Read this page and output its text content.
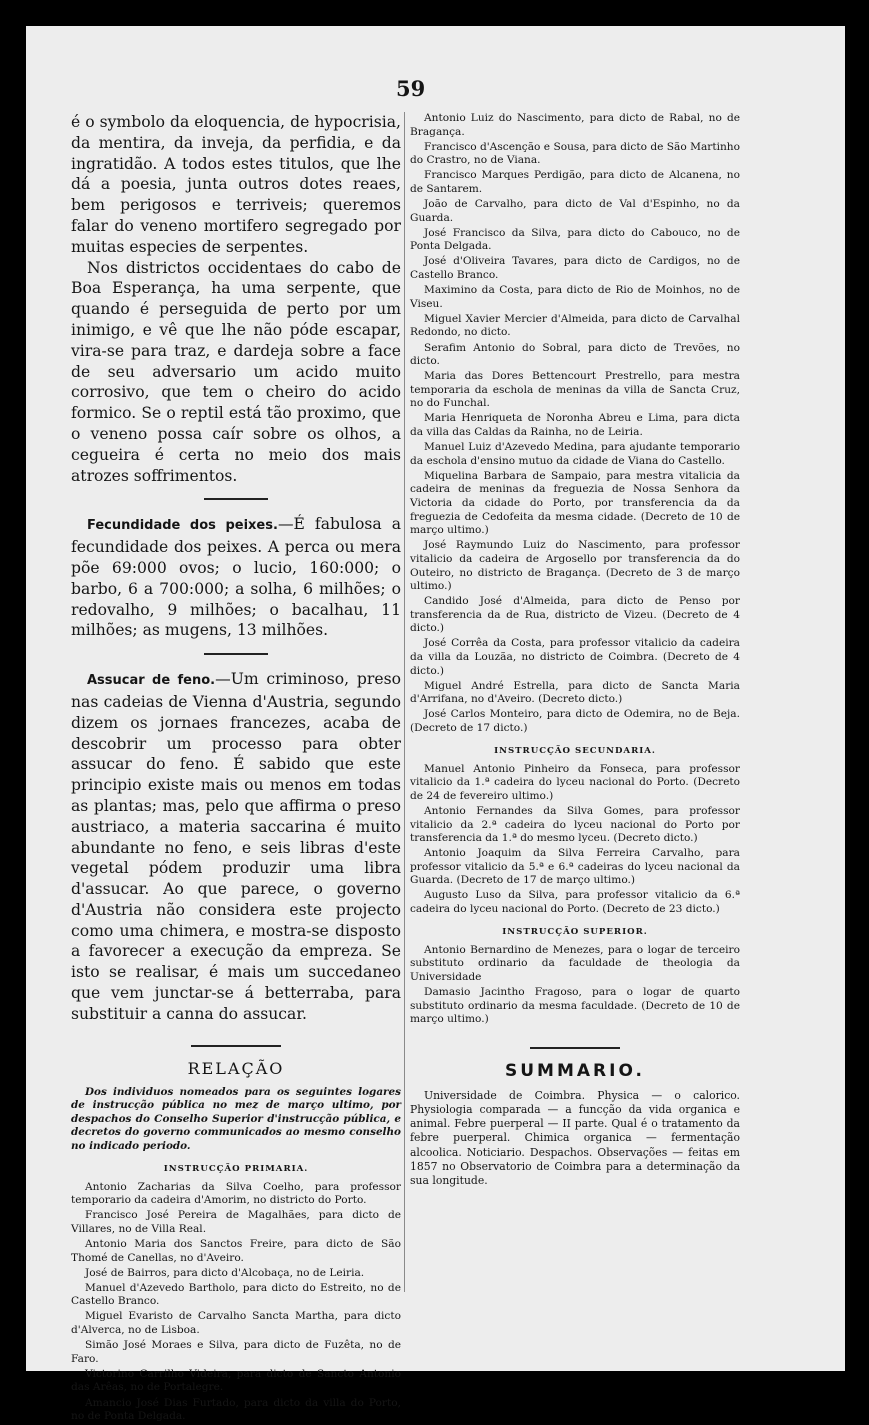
59

é o symbolo da eloquencia, de hypocrisia, da mentira, da inveja, da perfidia, e da ingratidão. A todos estes titulos, que lhe dá a poesia, junta outros dotes reaes, bem perigosos e terriveis; queremos falar do veneno mortifero segregado por muitas especies de serpentes.

Nos districtos occidentaes do cabo de Boa Esperança, ha uma serpente, que quando é perseguida de perto por um inimigo, e vê que lhe não póde escapar, vira-se para traz, e dardeja sobre a face de seu adversario um acido muito corrosivo, que tem o cheiro do acido formico. Se o reptil está tão proximo, que o veneno possa caír sobre os olhos, a cegueira é certa no meio dos mais atrozes soffrimentos.

Fecundidade dos peixes.—É fabulosa a fecundidade dos peixes. A perca ou mera põe 69:000 ovos; o lucio, 160:000; o barbo, 6 a 700:000; a solha, 6 milhões; o redovalho, 9 milhões; o bacalhau, 11 milhões; as mugens, 13 milhões.

Assucar de feno.—Um criminoso, preso nas cadeias de Vienna d'Austria, segundo dizem os jornaes francezes, acaba de descobrir um processo para obter assucar do feno. É sabido que este principio existe mais ou menos em todas as plantas; mas, pelo que affirma o preso austriaco, a materia saccarina é muito abundante no feno, e seis libras d'este vegetal pódem produzir uma libra d'assucar. Ao que parece, o governo d'Austria não considera este projecto como uma chimera, e mostra-se disposto a favorecer a execução da empreza. Se isto se realisar, é mais um succedaneo que vem junctar-se á betterraba, para substituir a canna do assucar.

RELAÇÃO

Dos individuos nomeados para os seguintes logares de instrucção pública no mez de março ultimo, por despachos do Conselho Superior d'instrucção pública, e decretos do governo communicados ao mesmo conselho no indicado periodo.

INSTRUCÇÃO PRIMARIA.

Antonio Zacharias da Silva Coelho, para professor temporario da cadeira d'Amorim, no districto do Porto.

Francisco José Pereira de Magalhães, para dicto de Villares, no de Villa Real.

Antonio Maria dos Sanctos Freire, para dicto de São Thomé de Canellas, no d'Aveiro.

José de Bairros, para dicto d'Alcobaça, no de Leiria.

Manuel d'Azevedo Bartholo, para dicto do Estreito, no de Castello Branco.

Miguel Evaristo de Carvalho Sancta Martha, para dicto d'Alverca, no de Lisboa.

Simão José Moraes e Silva, para dicto de Fuzêta, no de Faro.

Victorino Carrilho Videira, para dicto de Sancto Antonio das Arêas, no de Portalegre.

Amancio José Dias Furtado, para dicto da villa do Porto, no de Ponta Delgada.

Antonio Luiz do Nascimento, para dicto de Rabal, no de Bragança.

Francisco d'Ascenção e Sousa, para dicto de São Martinho do Crastro, no de Viana.

Francisco Marques Perdigão, para dicto de Alcanena, no de Santarem.

João de Carvalho, para dicto de Val d'Espinho, no da Guarda.

José Francisco da Silva, para dicto do Cabouco, no de Ponta Delgada.

José d'Oliveira Tavares, para dicto de Cardigos, no de Castello Branco.

Maximino da Costa, para dicto de Rio de Moinhos, no de Viseu.

Miguel Xavier Mercier d'Almeida, para dicto de Carvalhal Redondo, no dicto.

Serafim Antonio do Sobral, para dicto de Trevões, no dicto.

Maria das Dores Bettencourt Prestrello, para mestra temporaria da eschola de meninas da villa de Sancta Cruz, no do Funchal.

Maria Henriqueta de Noronha Abreu e Lima, para dicta da villa das Caldas da Rainha, no de Leiria.

Manuel Luiz d'Azevedo Medina, para ajudante temporario da eschola d'ensino mutuo da cidade de Viana do Castello.

Miquelina Barbara de Sampaio, para mestra vitalicia da cadeira de meninas da freguezia de Nossa Senhora da Victoria da cidade do Porto, por transferencia da da freguezia de Cedofeita da mesma cidade. (Decreto de 10 de março ultimo.)

José Raymundo Luiz do Nascimento, para professor vitalicio da cadeira de Argosello por transferencia da do Outeiro, no districto de Bragança. (Decreto de 3 de março ultimo.)

Candido José d'Almeida, para dicto de Penso por transferencia da de Rua, districto de Vizeu. (Decreto de 4 dicto.)

José Corrêa da Costa, para professor vitalicio da cadeira da villa da Louzãa, no districto de Coimbra. (Decreto de 4 dicto.)

Miguel André Estrella, para dicto de Sancta Maria d'Arrifana, no d'Aveiro. (Decreto dicto.)

José Carlos Monteiro, para dicto de Odemira, no de Beja. (Decreto de 17 dicto.)

INSTRUCÇÃO SECUNDARIA.

Manuel Antonio Pinheiro da Fonseca, para professor vitalicio da 1.ª cadeira do lyceu nacional do Porto. (Decreto de 24 de fevereiro ultimo.)

Antonio Fernandes da Silva Gomes, para professor vitalicio da 2.ª cadeira do lyceu nacional do Porto por transferencia da 1.ª do mesmo lyceu. (Decreto dicto.)

Antonio Joaquim da Silva Ferreira Carvalho, para professor vitalicio da 5.ª e 6.ª cadeiras do lyceu nacional da Guarda. (Decreto de 17 de março ultimo.)

Augusto Luso da Silva, para professor vitalicio da 6.ª cadeira do lyceu nacional do Porto. (Decreto de 23 dicto.)

INSTRUCÇÃO SUPERIOR.

Antonio Bernardino de Menezes, para o logar de terceiro substituto ordinario da faculdade de theologia da Universidade

Damasio Jacintho Fragoso, para o logar de quarto substituto ordinario da mesma faculdade. (Decreto de 10 de março ultimo.)

SUMMARIO.

Universidade de Coimbra. Physica — o calorico. Physiologia comparada — a funcção da vida organica e animal. Febre puerperal — II parte. Qual é o tratamento da febre puerperal. Chimica organica — fermentação alcoolica. Noticiario. Despachos. Observações — feitas em 1857 no Observatorio de Coimbra para a determinação da sua longitude.
